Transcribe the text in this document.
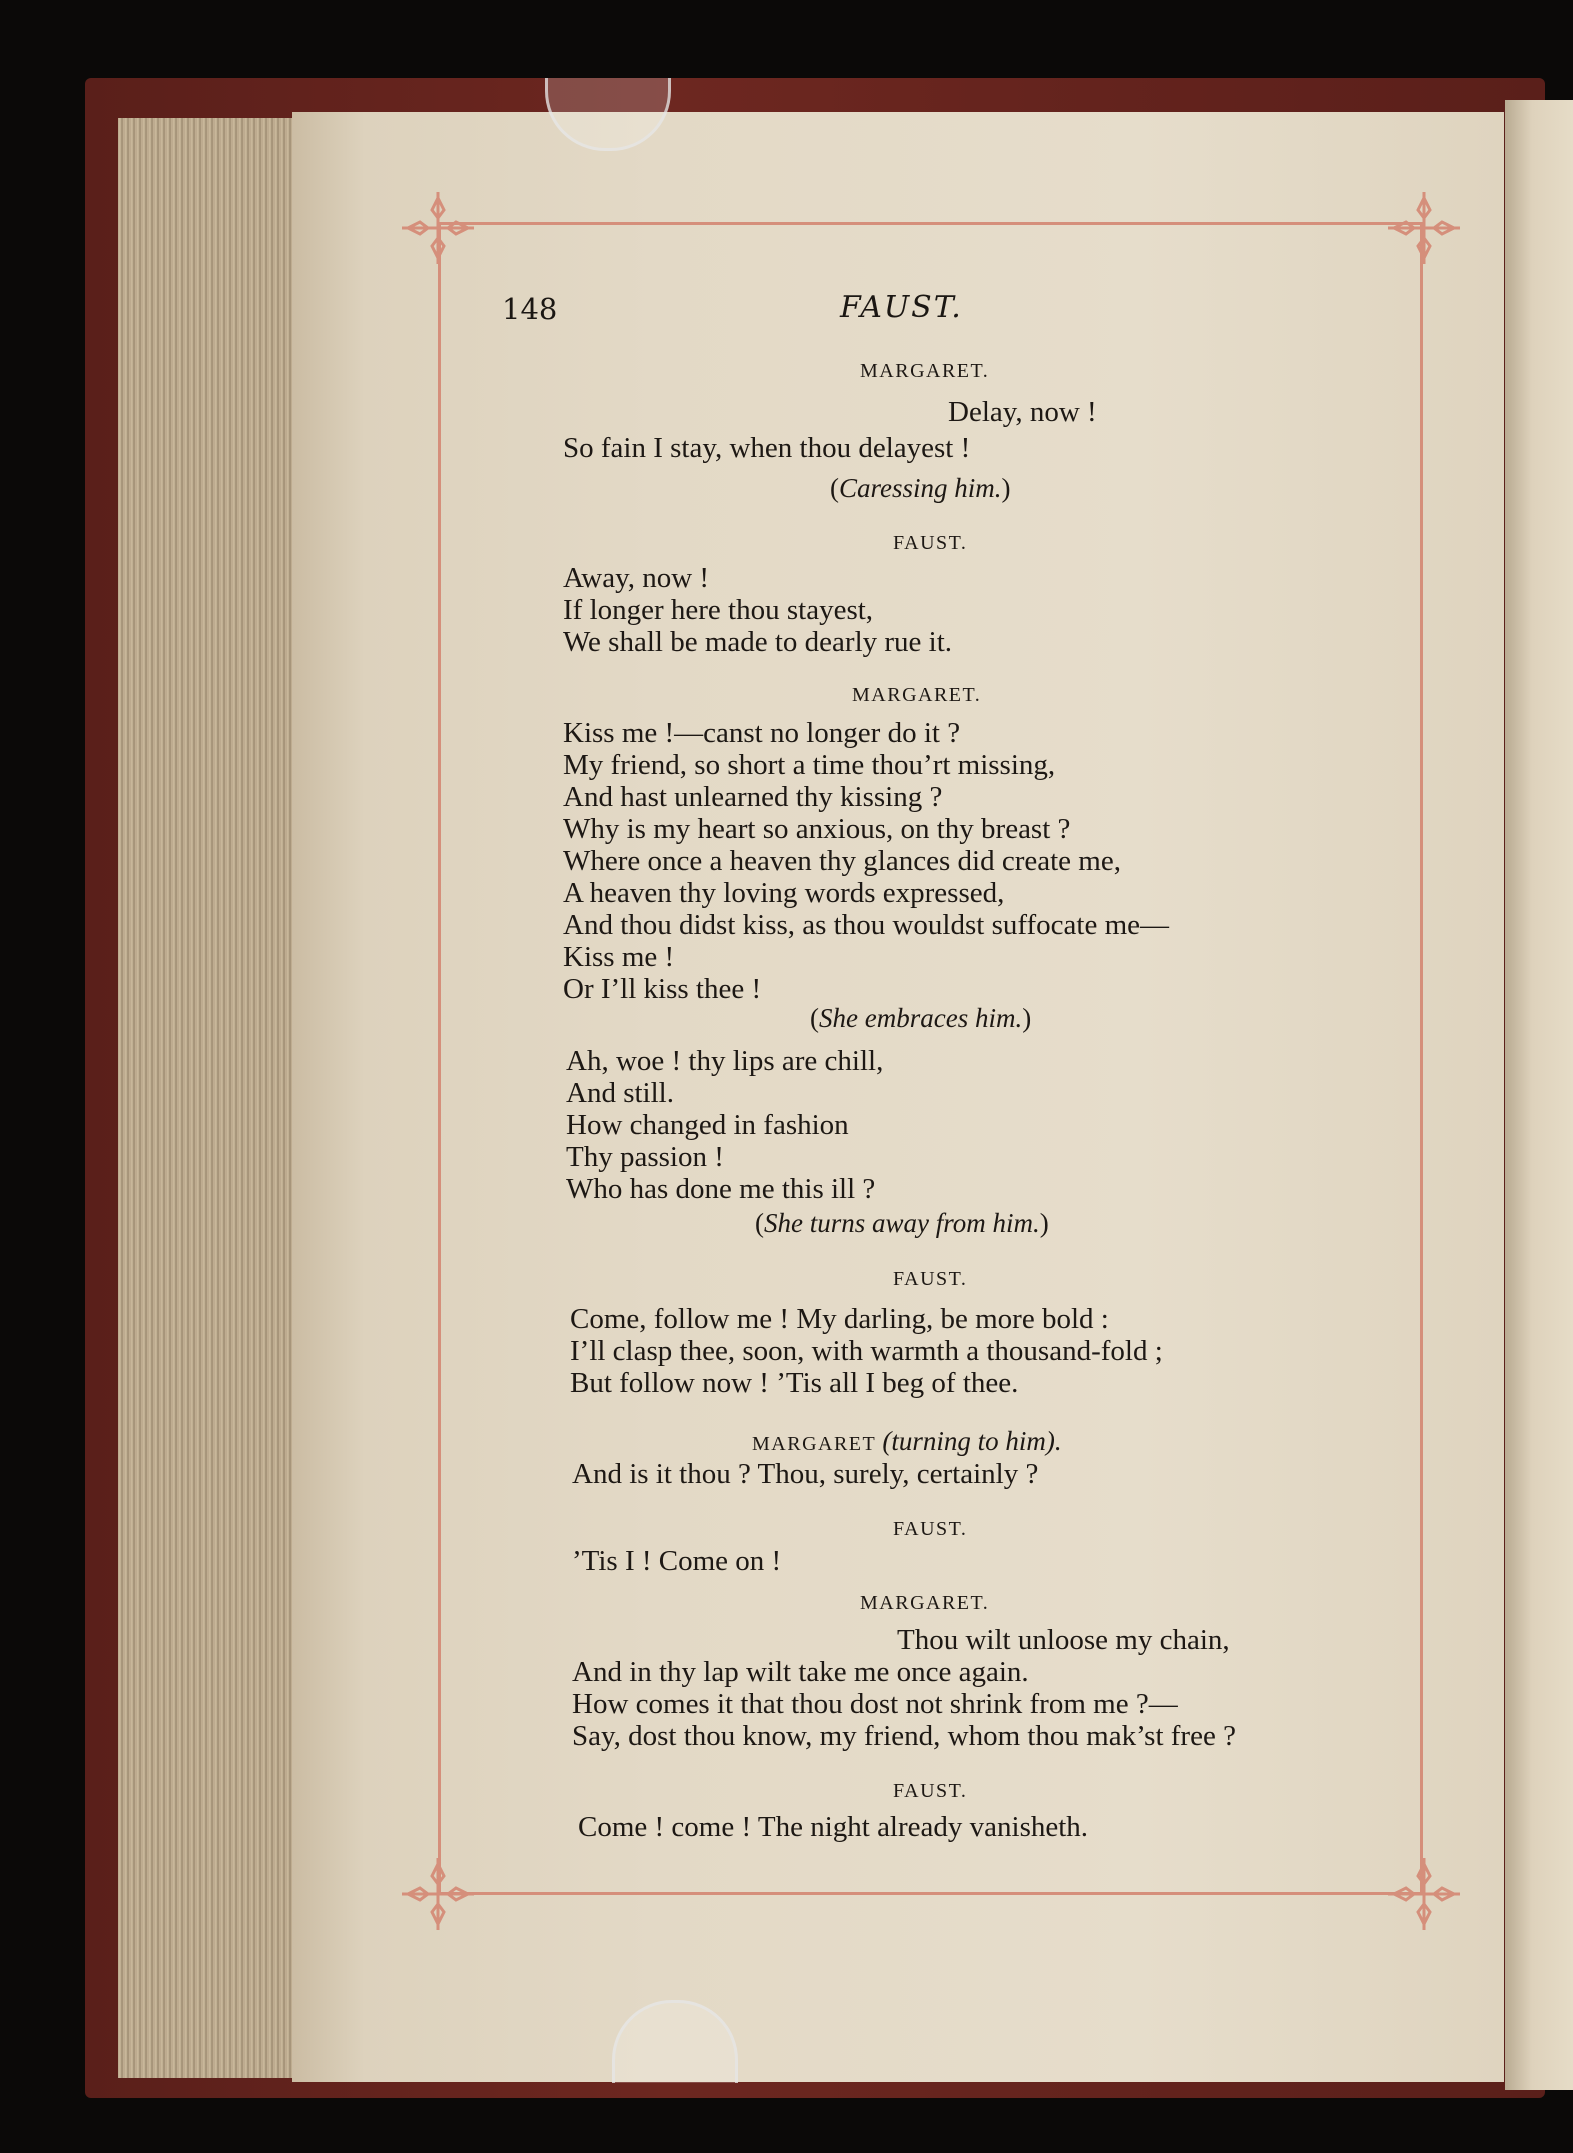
148	FAUST.
MARGARET.
Delay, now !
So fain I stay, when thou delayest !
(Caressing him.)
FAUST.
Away, now !
If longer here thou stayest,
We shall be made to dearly rue it.
MARGARET.
Kiss me !—canst no longer do it ?
My friend, so short a time thou’rt missing,
And hast unlearned thy kissing ?
Why is my heart so anxious, on thy breast ?
Where once a heaven thy glances did create me,
A heaven thy loving words expressed,
And thou didst kiss, as thou wouldst suffocate me—
Kiss me !
Or I’ll kiss thee !
(She embraces him.)
Ah, woe ! thy lips are chill,
And still.
How changed in fashion
Thy passion !
Who has done me this ill ?
(She turns away from him.)
FAUST.
Come, follow me ! My darling, be more bold :
I’ll clasp thee, soon, with warmth a thousand-fold ;
But follow now ! ’Tis all I beg of thee.
MARGARET (turning to him).
And is it thou ? Thou, surely, certainly ?
FAUST.
’Tis I ! Come on !
MARGARET.
Thou wilt unloose my chain,
And in thy lap wilt take me once again.
How comes it that thou dost not shrink from me ?—
Say, dost thou know, my friend, whom thou mak’st free ?
FAUST.
Come ! come ! The night already vanisheth.
